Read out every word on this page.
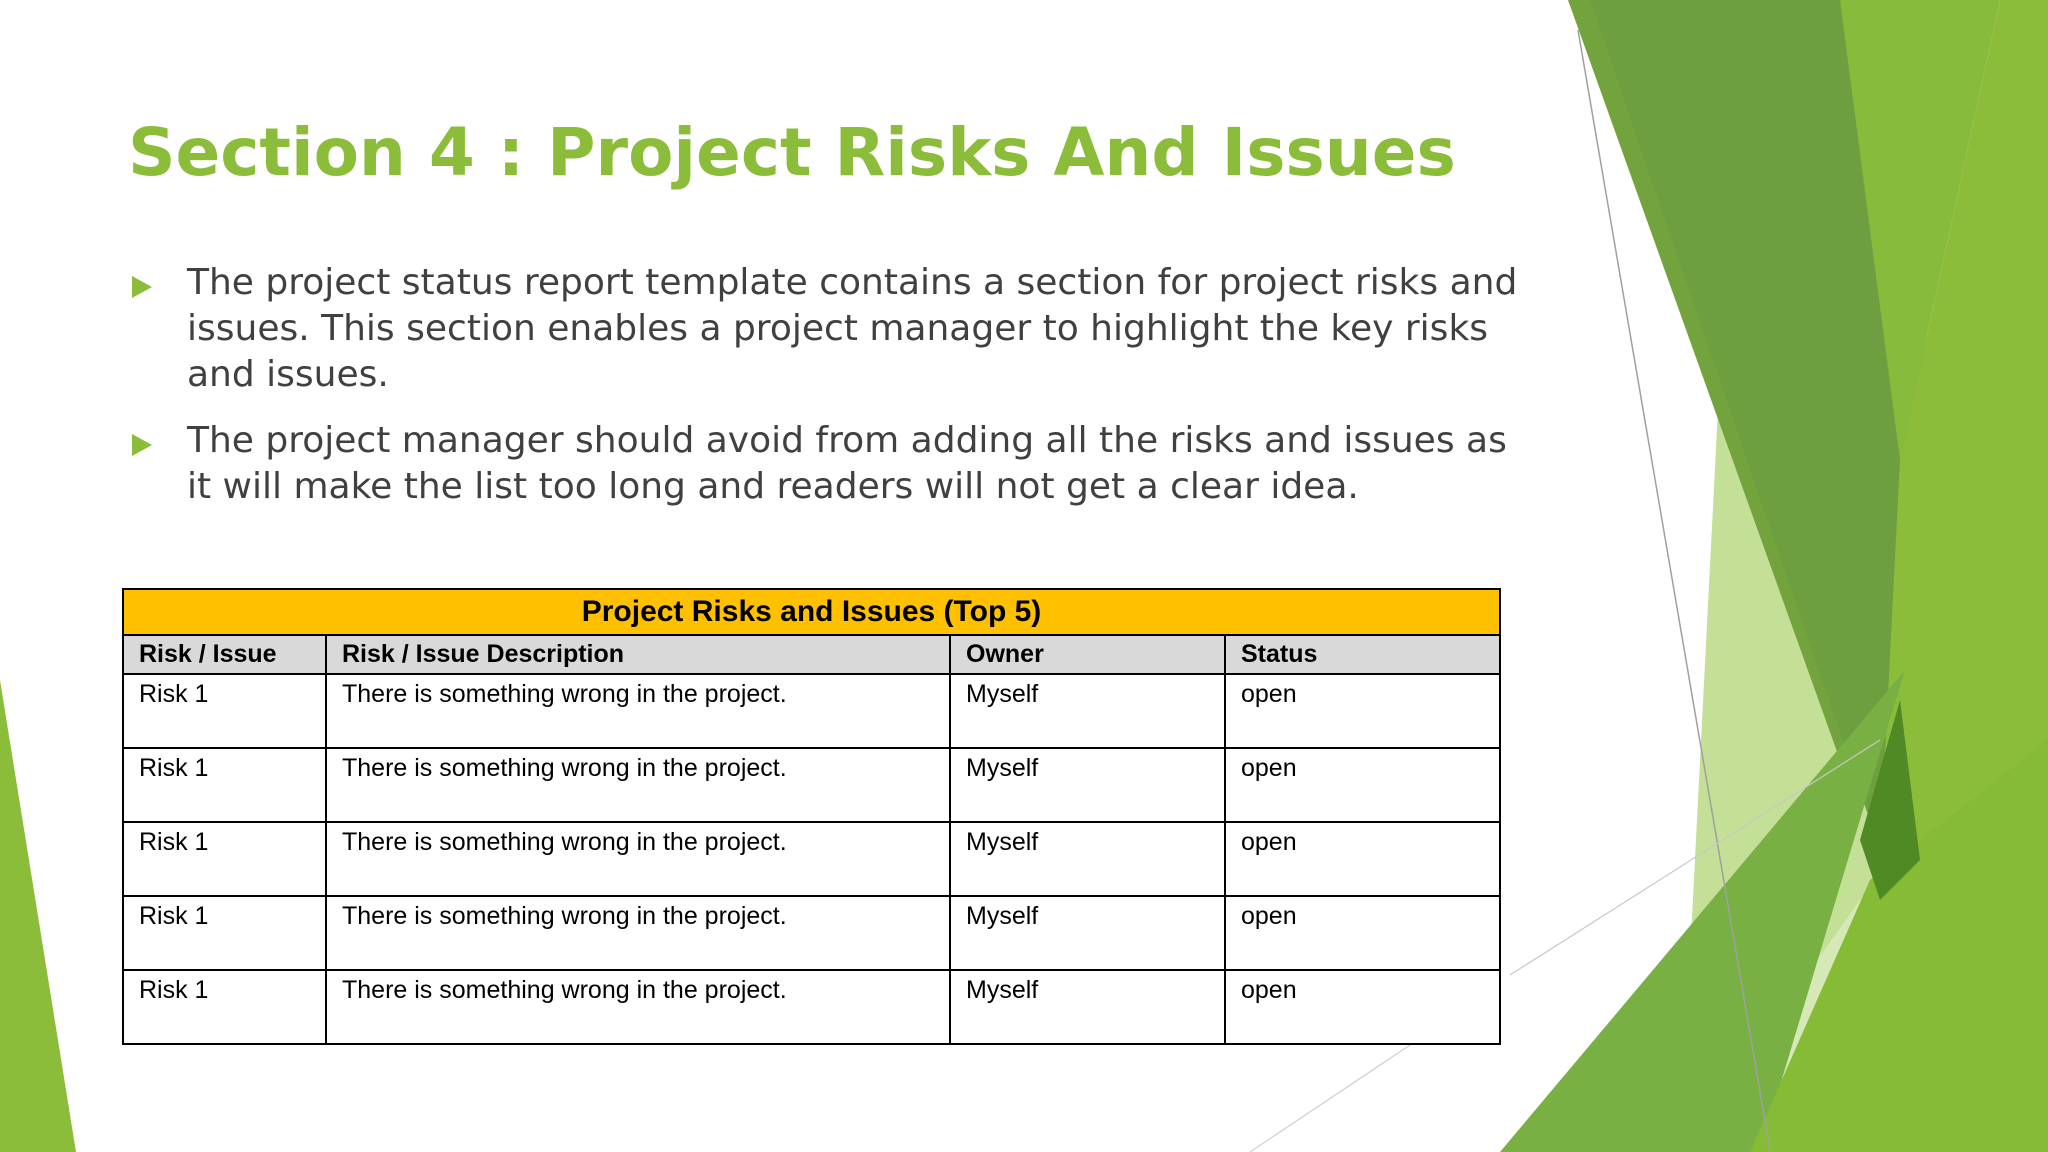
Section 4 : Project Risks And Issues
The project status report template contains a section for project risks and issues. This section enables a project manager to highlight the key risks and issues.
The project manager should avoid from adding all the risks and issues as it will make the list too long and readers will not get a clear idea.
Project Risks and Issues (Top 5)			
Risk / Issue	Risk / Issue Description	Owner	Status
Risk 1	There is something wrong in the project.	Myself	open
Risk 1	There is something wrong in the project.	Myself	open
Risk 1	There is something wrong in the project.	Myself	open
Risk 1	There is something wrong in the project.	Myself	open
Risk 1	There is something wrong in the project.	Myself	open
